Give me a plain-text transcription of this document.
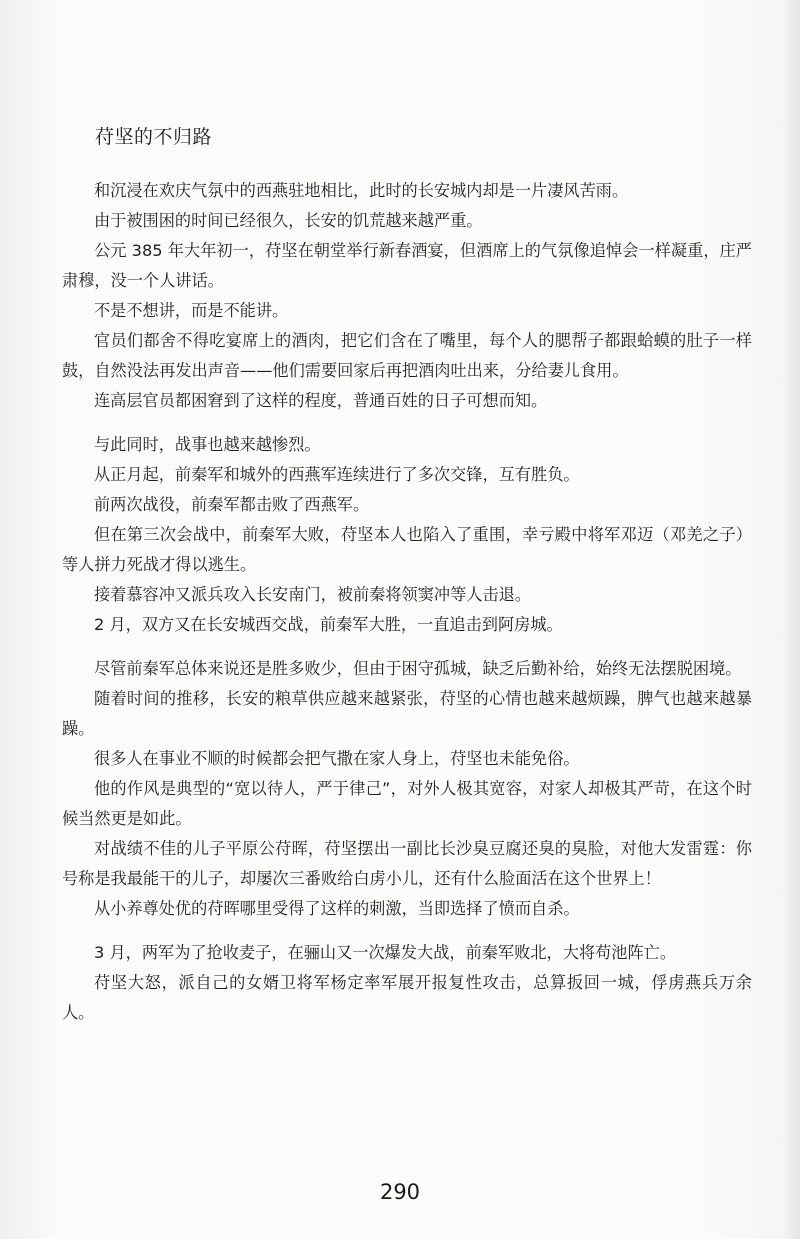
苻坚的不归路

和沉浸在欢庆气氛中的西燕驻地相比，此时的长安城内却是一片凄风苦雨。

由于被围困的时间已经很久，长安的饥荒越来越严重。

公元 385 年大年初一，苻坚在朝堂举行新春酒宴，但酒席上的气氛像追悼会一样凝重，庄严肃穆，没一个人讲话。

不是不想讲，而是不能讲。

官员们都舍不得吃宴席上的酒肉，把它们含在了嘴里，每个人的腮帮子都跟蛤蟆的肚子一样鼓，自然没法再发出声音——他们需要回家后再把酒肉吐出来，分给妻儿食用。

连高层官员都困窘到了这样的程度，普通百姓的日子可想而知。

与此同时，战事也越来越惨烈。

从正月起，前秦军和城外的西燕军连续进行了多次交锋，互有胜负。

前两次战役，前秦军都击败了西燕军。

但在第三次会战中，前秦军大败，苻坚本人也陷入了重围，幸亏殿中将军邓迈（邓羌之子）等人拼力死战才得以逃生。

接着慕容冲又派兵攻入长安南门，被前秦将领窦冲等人击退。

2 月，双方又在长安城西交战，前秦军大胜，一直追击到阿房城。

尽管前秦军总体来说还是胜多败少，但由于困守孤城，缺乏后勤补给，始终无法摆脱困境。

随着时间的推移，长安的粮草供应越来越紧张，苻坚的心情也越来越烦躁，脾气也越来越暴躁。

很多人在事业不顺的时候都会把气撒在家人身上，苻坚也未能免俗。

他的作风是典型的“宽以待人，严于律己”，对外人极其宽容，对家人却极其严苛，在这个时候当然更是如此。

对战绩不佳的儿子平原公苻晖，苻坚摆出一副比长沙臭豆腐还臭的臭脸，对他大发雷霆：你号称是我最能干的儿子，却屡次三番败给白虏小儿，还有什么脸面活在这个世界上！

从小养尊处优的苻晖哪里受得了这样的刺激，当即选择了愤而自杀。

3 月，两军为了抢收麦子，在骊山又一次爆发大战，前秦军败北，大将苟池阵亡。

苻坚大怒，派自己的女婿卫将军杨定率军展开报复性攻击，总算扳回一城，俘虏燕兵万余人。

290
